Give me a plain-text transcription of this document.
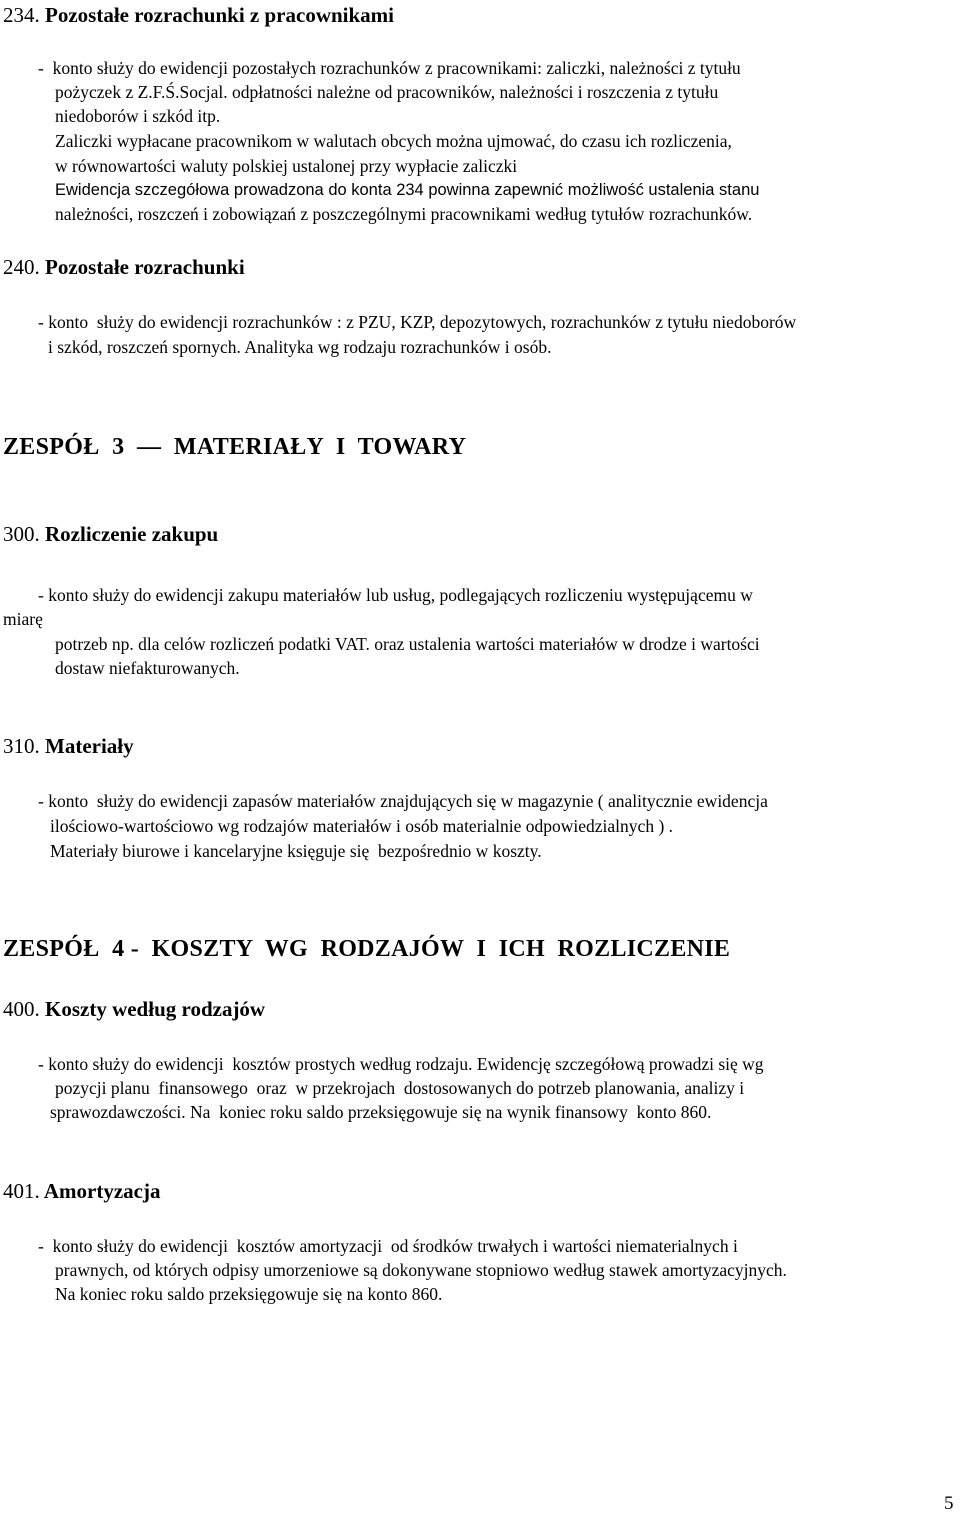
234. Pozostałe rozrachunki z pracownikami
-  konto służy do ewidencji pozostałych rozrachunków z pracownikami: zaliczki, należności z tytułu
pożyczek z Z.F.Ś.Socjal. odpłatności należne od pracowników, należności i roszczenia z tytułu
niedoborów i szkód itp.
Zaliczki wypłacane pracownikom w walutach obcych można ujmować, do czasu ich rozliczenia,
w równowartości waluty polskiej ustalonej przy wypłacie zaliczki
Ewidencja szczegółowa prowadzona do konta 234 powinna zapewnić możliwość ustalenia stanu
należności, roszczeń i zobowiązań z poszczególnymi pracownikami według tytułów rozrachunków.
240. Pozostałe rozrachunki
- konto  służy do ewidencji rozrachunków : z PZU, KZP, depozytowych, rozrachunków z tytułu niedoborów
i szkód, roszczeń spornych. Analityka wg rodzaju rozrachunków i osób.
ZESPÓŁ  3  —  MATERIAŁY  I  TOWARY
300. Rozliczenie zakupu
- konto służy do ewidencji zakupu materiałów lub usług, podlegających rozliczeniu występującemu w
miarę
potrzeb np. dla celów rozliczeń podatki VAT. oraz ustalenia wartości materiałów w drodze i wartości
dostaw niefakturowanych.
310. Materiały
- konto  służy do ewidencji zapasów materiałów znajdujących się w magazynie ( analitycznie ewidencja
ilościowo-wartościowo wg rodzajów materiałów i osób materialnie odpowiedzialnych ) .
Materiały biurowe i kancelaryjne księguje się  bezpośrednio w koszty.
ZESPÓŁ  4 -  KOSZTY  WG  RODZAJÓW  I  ICH  ROZLICZENIE
400. Koszty według rodzajów
- konto służy do ewidencji  kosztów prostych według rodzaju. Ewidencję szczegółową prowadzi się wg
pozycji planu  finansowego  oraz  w przekrojach  dostosowanych do potrzeb planowania, analizy i
sprawozdawczości. Na  koniec roku saldo przeksięgowuje się na wynik finansowy  konto 860.
401. Amortyzacja
-  konto służy do ewidencji  kosztów amortyzacji  od środków trwałych i wartości niematerialnych i
prawnych, od których odpisy umorzeniowe są dokonywane stopniowo według stawek amortyzacyjnych.
Na koniec roku saldo przeksięgowuje się na konto 860.
5
